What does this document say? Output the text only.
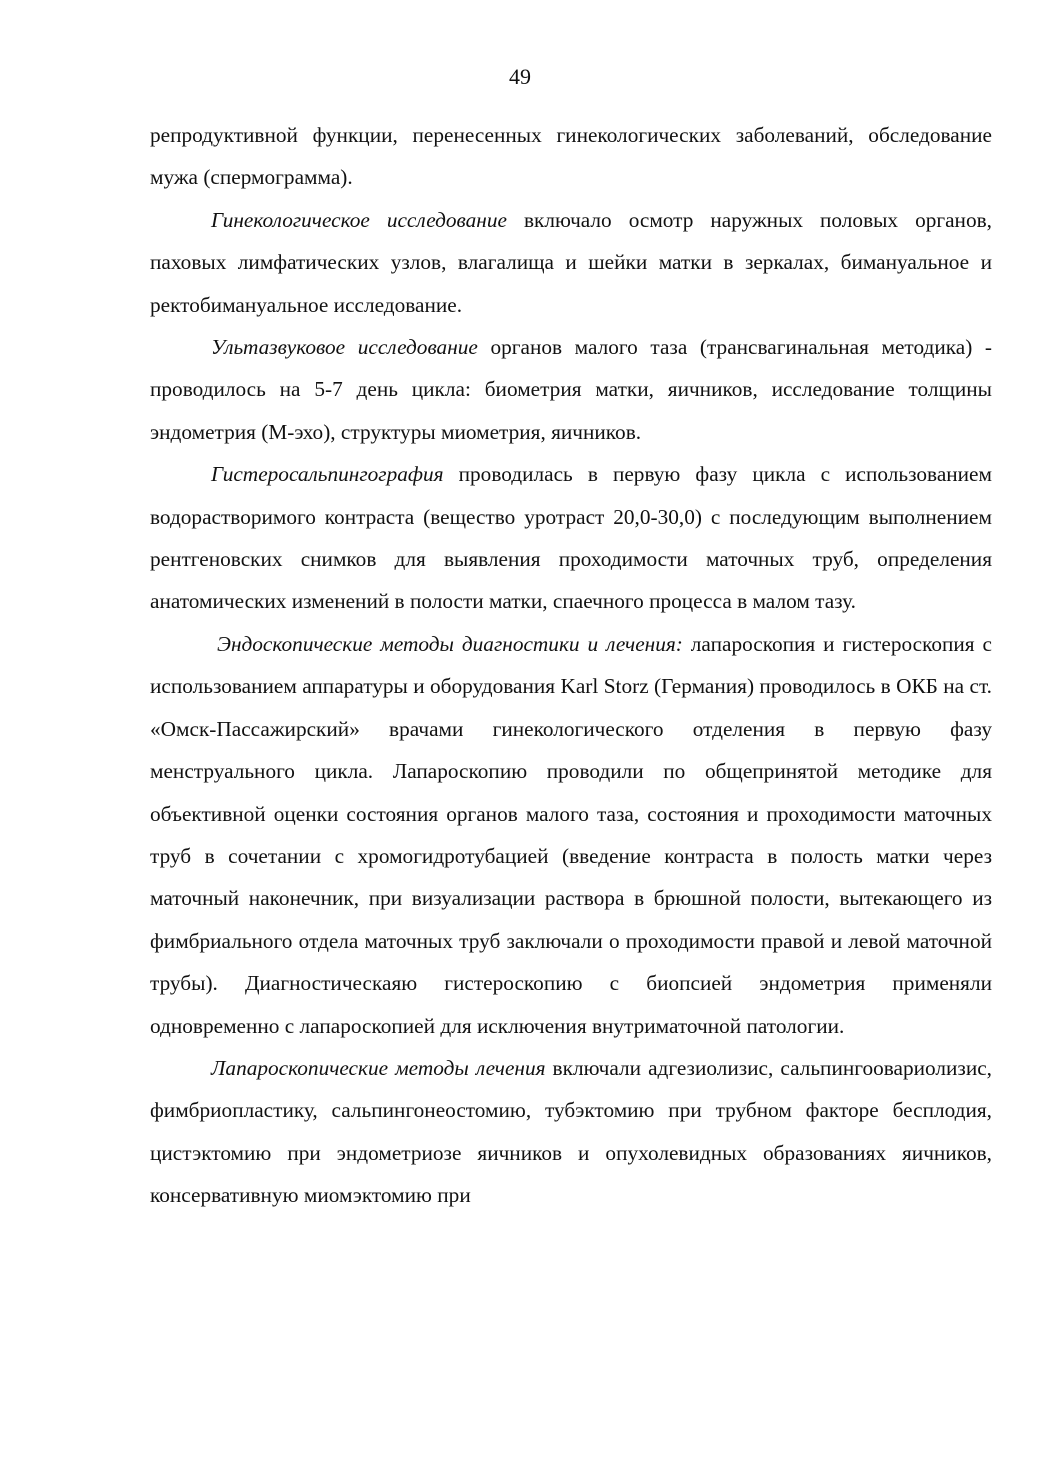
49

репродуктивной функции, перенесенных гинекологических заболеваний, обследование мужа (спермограмма).

Гинекологическое исследование включало осмотр наружных половых органов, паховых лимфатических узлов, влагалища и шейки матки в зеркалах, бимануальное и ректобимануальное исследование.

Ультазвуковое исследование органов малого таза (трансвагинальная методика) - проводилось на 5-7 день цикла: биометрия матки, яичников, исследование толщины эндометрия (М-эхо), структуры миометрия, яичников.

Гистеросальпингография проводилась в первую фазу цикла с использованием водорастворимого контраста (вещество уротраст 20,0-30,0) с последующим выполнением рентгеновских снимков для выявления проходимости маточных труб, определения анатомических изменений в полости матки, спаечного процесса в малом тазу.

Эндоскопические методы диагностики и лечения: лапароскопия и гистероскопия с использованием аппаратуры и оборудования Karl Storz (Германия) проводилось в ОКБ на ст. «Омск-Пассажирский» врачами гинекологического отделения в первую фазу менструального цикла. Лапароскопию проводили по общепринятой методике для объективной оценки состояния органов малого таза, состояния и проходимости маточных труб в сочетании с хромогидротубацией (введение контраста в полость матки через маточный наконечник, при визуализации раствора в брюшной полости, вытекающего из фимбриального отдела маточных труб заключали о проходимости правой и левой маточной трубы). Диагностическаяю гистероскопию с биопсией эндометрия применяли одновременно с лапароскопией для исключения внутриматочной патологии.

Лапароскопические методы лечения включали адгезиолизис, сальпингоовариолизис, фимбриопластику, сальпингонеостомию, тубэктомию при трубном факторе бесплодия, цистэктомию при эндометриозе яичников и опухолевидных образованиях яичников, консервативную миомэктомию при
